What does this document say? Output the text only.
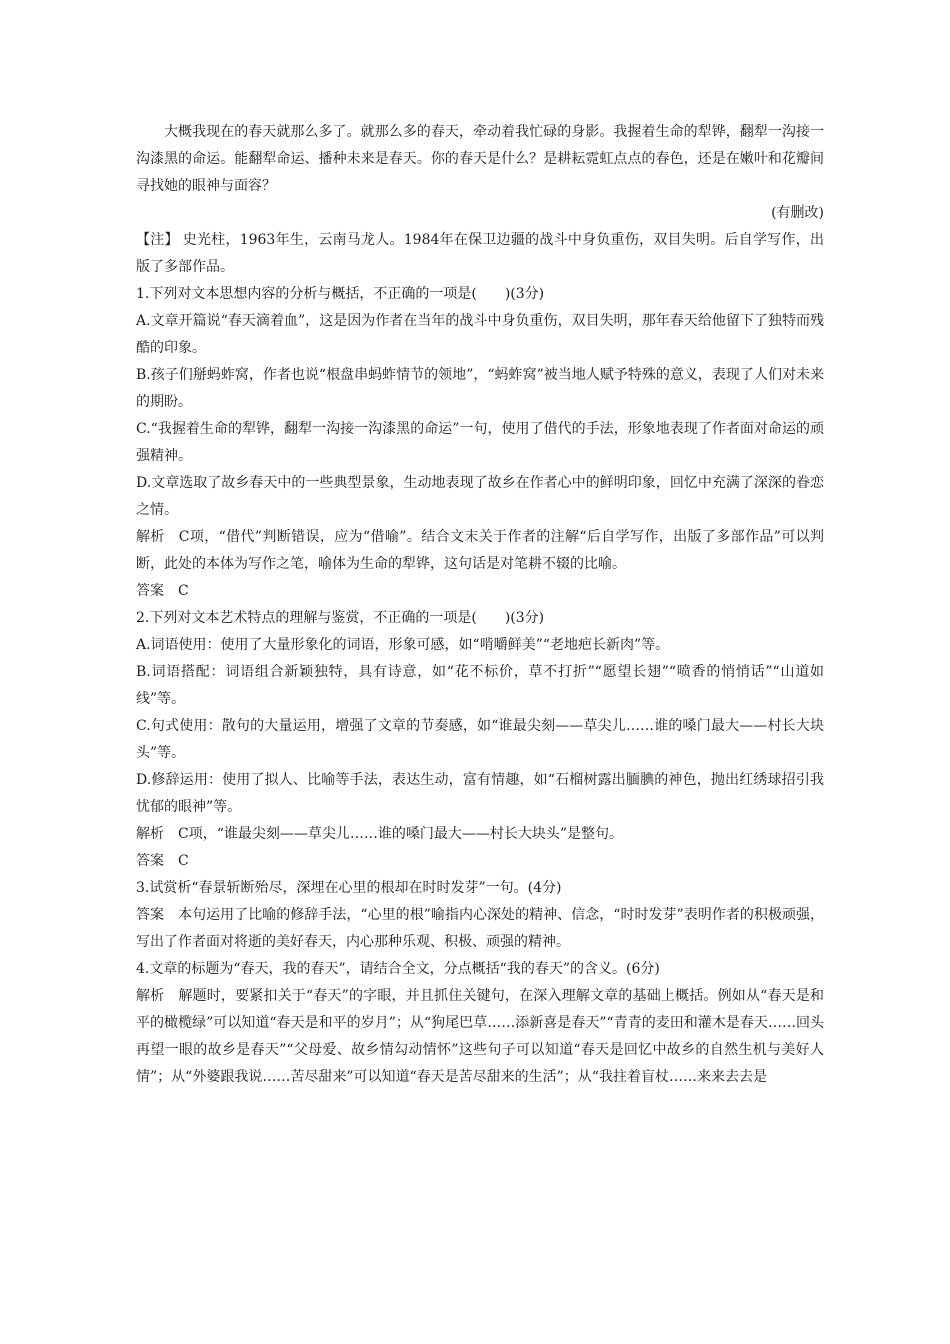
大概我现在的春天就那么多了。就那么多的春天，牵动着我忙碌的身影。我握着生命的犁铧，翻犁一沟接一沟漆黑的命运。能翻犁命运、播种未来是春天。你的春天是什么？是耕耘霓虹点点的春色，还是在嫩叶和花瓣间寻找她的眼神与面容？

(有删改)

【注】 史光柱，1963年生，云南马龙人。1984年在保卫边疆的战斗中身负重伤，双目失明。后自学写作，出版了多部作品。

1.下列对文本思想内容的分析与概括，不正确的一项是(　　)(3分)

A.文章开篇说“春天滴着血”，这是因为作者在当年的战斗中身负重伤，双目失明，那年春天给他留下了独特而残酷的印象。

B.孩子们掰蚂蚱窝，作者也说“根盘串蚂蚱情节的领地”，“蚂蚱窝”被当地人赋予特殊的意义，表现了人们对未来的期盼。

C.“我握着生命的犁铧，翻犁一沟接一沟漆黑的命运”一句，使用了借代的手法，形象地表现了作者面对命运的顽强精神。

D.文章选取了故乡春天中的一些典型景象，生动地表现了故乡在作者心中的鲜明印象，回忆中充满了深深的眷恋之情。

解析 C项，“借代”判断错误，应为“借喻”。结合文末关于作者的注解“后自学写作，出版了多部作品”可以判断，此处的本体为写作之笔，喻体为生命的犁铧，这句话是对笔耕不辍的比喻。

答案 C

2.下列对文本艺术特点的理解与鉴赏，不正确的一项是(　　)(3分)

A.词语使用：使用了大量形象化的词语，形象可感，如“啃嚼鲜美”“老地疤长新肉”等。

B.词语搭配：词语组合新颖独特，具有诗意，如“花不标价，草不打折”“愿望长翅”“喷香的悄悄话”“山道如线”等。

C.句式使用：散句的大量运用，增强了文章的节奏感，如“谁最尖刻——草尖儿……谁的嗓门最大——村长大块头”等。

D.修辞运用：使用了拟人、比喻等手法，表达生动，富有情趣，如“石榴树露出腼腆的神色，抛出红绣球招引我忧郁的眼神”等。

解析 C项，“谁最尖刻——草尖儿……谁的嗓门最大——村长大块头”是整句。

答案 C

3.试赏析“春景斩断殆尽，深埋在心里的根却在时时发芽”一句。(4分)

答案 本句运用了比喻的修辞手法，“心里的根”喻指内心深处的精神、信念，“时时发芽”表明作者的积极顽强，写出了作者面对将逝的美好春天，内心那种乐观、积极、顽强的精神。

4.文章的标题为“春天，我的春天”，请结合全文，分点概括“我的春天”的含义。(6分)

解析 解题时，要紧扣关于“春天”的字眼，并且抓住关键句，在深入理解文章的基础上概括。例如从“春天是和平的橄榄绿”可以知道“春天是和平的岁月”；从“狗尾巴草……添新喜是春天”“青青的麦田和灌木是春天……回头再望一眼的故乡是春天”“父母爱、故乡情勾动情怀”这些句子可以知道“春天是回忆中故乡的自然生机与美好人情”；从“外婆跟我说……苦尽甜来”可以知道“春天是苦尽甜来的生活”；从“我拄着盲杖……来来去去是
